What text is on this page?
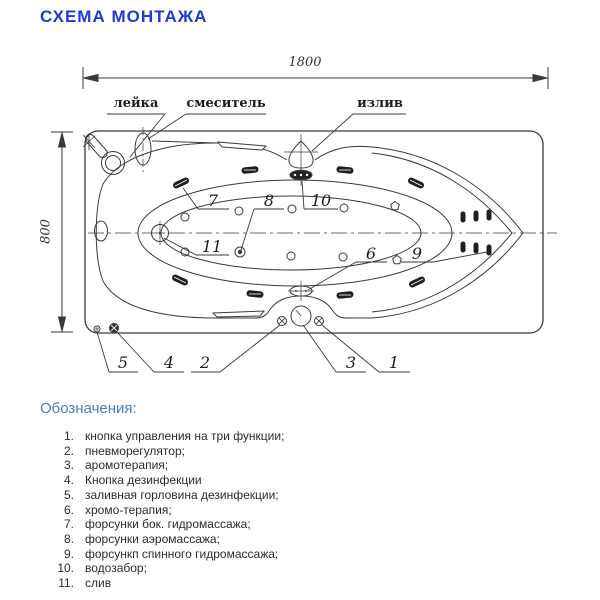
СХЕМА МОНТАЖА
1800
800
лейка	смеситель	излив
7	8	10
11	6	9
5	4	2	3	1
Обозначения:
1. кнопка управления на три функции;
2. пневморегулятор;
3. аромотерапия;
4. Кнопка дезинфекции
5. заливная горловина дезинфекции;
6. хромо-терапия;
7. форсунки бок. гидромассажа;
8. форсунки аэромассажа;
9. форсункп спинного гидромассажа;
10. водозабор;
11. слив
